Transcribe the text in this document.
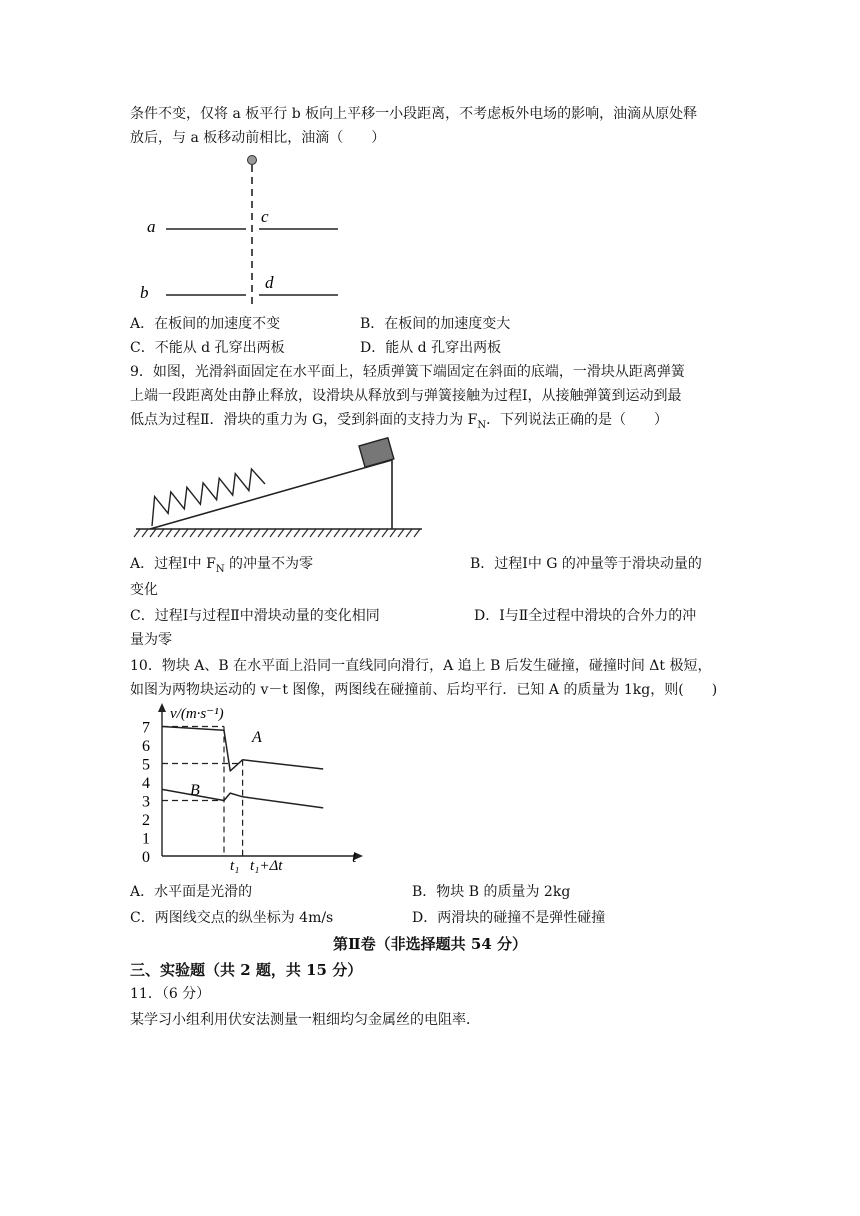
条件不变，仅将 a 板平行 b 板向上平移一小段距离，不考虑板外电场的影响，油滴从原处释
放后，与 a 板移动前相比，油滴（　　）
a
b
c
d
A．在板间的加速度不变	B．在板间的加速度变大
C．不能从 d 孔穿出两板	D．能从 d 孔穿出两板
9．如图，光滑斜面固定在水平面上，轻质弹簧下端固定在斜面的底端，一滑块从距离弹簧
上端一段距离处由静止释放，设滑块从释放到与弹簧接触为过程Ⅰ，从接触弹簧到运动到最
低点为过程Ⅱ．滑块的重力为 G，受到斜面的支持力为 $F_N$．下列说法正确的是（　　）
A．过程Ⅰ中 $F_N$ 的冲量不为零	B．过程Ⅰ中 G 的冲量等于滑块动量的
变化
C．过程Ⅰ与过程Ⅱ中滑块动量的变化相同	D．Ⅰ与Ⅱ全过程中滑块的合外力的冲
量为零
10．物块 A、B 在水平面上沿同一直线同向滑行，A 追上 B 后发生碰撞，碰撞时间 Δt 极短，
如图为两物块运动的 v－t 图像，两图线在碰撞前、后均平行．已知 A 的质量为 1kg，则(　　)
v/(m·s⁻¹)
t
0
1
2
3
4
5
6
7
A
B
t₁ t₁+Δt
A．水平面是光滑的	B．物块 B 的质量为 2kg
C．两图线交点的纵坐标为 4m/s	D．两滑块的碰撞不是弹性碰撞
第Ⅱ卷（非选择题共 54 分）
三、实验题（共 2 题，共 15 分）
11．（6 分）
某学习小组利用伏安法测量一粗细均匀金属丝的电阻率．
